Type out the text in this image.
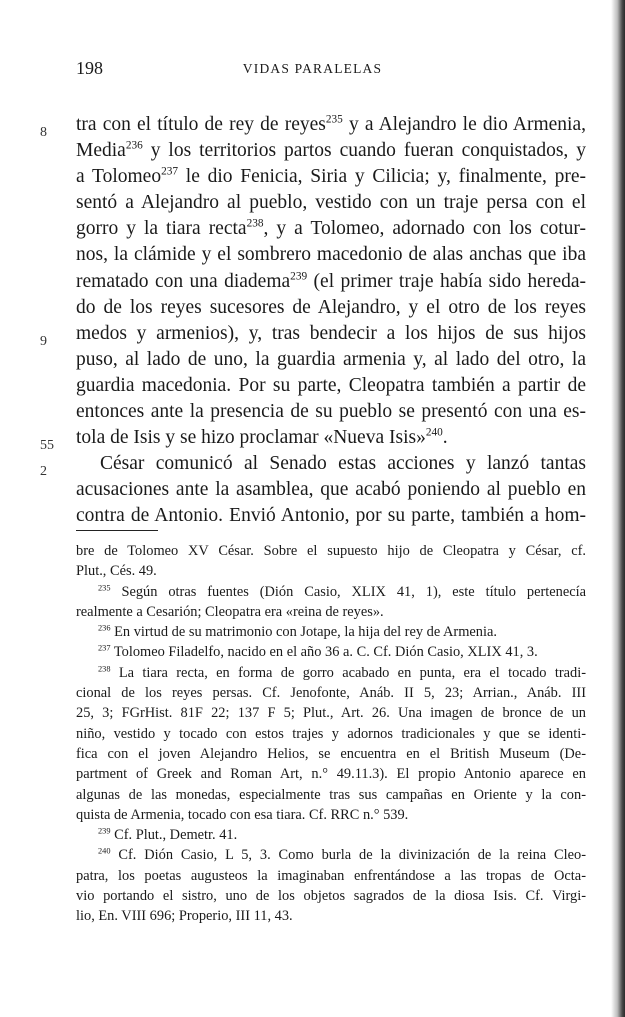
198	VIDAS PARALELAS
8
9
55
2
tra con el título de rey de reyes$^{235}$ y a Alejandro le dio Armenia,
Media$^{236}$ y los territorios partos cuando fueran conquistados, y
a Tolomeo$^{237}$ le dio Fenicia, Siria y Cilicia; y, finalmente, pre-
sentó a Alejandro al pueblo, vestido con un traje persa con el
gorro y la tiara recta$^{238}$, y a Tolomeo, adornado con los cotur-
nos, la clámide y el sombrero macedonio de alas anchas que iba
rematado con una diadema$^{239}$ (el primer traje había sido hereda-
do de los reyes sucesores de Alejandro, y el otro de los reyes
medos y armenios), y, tras bendecir a los hijos de sus hijos
puso, al lado de uno, la guardia armenia y, al lado del otro, la
guardia macedonia. Por su parte, Cleopatra también a partir de
entonces ante la presencia de su pueblo se presentó con una es-
tola de Isis y se hizo proclamar «Nueva Isis»$^{240}$.
César comunicó al Senado estas acciones y lanzó tantas
acusaciones ante la asamblea, que acabó poniendo al pueblo en
contra de Antonio. Envió Antonio, por su parte, también a hom-
bre de Tolomeo XV César. Sobre el supuesto hijo de Cleopatra y César, cf.
Plut., Cés. 49.
$^{235}$ Según otras fuentes (Dión Casio, XLIX 41, 1), este título pertenecía
realmente a Cesarión; Cleopatra era «reina de reyes».
$^{236}$ En virtud de su matrimonio con Jotape, la hija del rey de Armenia.
$^{237}$ Tolomeo Filadelfo, nacido en el año 36 a. C. Cf. Dión Casio, XLIX 41, 3.
$^{238}$ La tiara recta, en forma de gorro acabado en punta, era el tocado tradi-
cional de los reyes persas. Cf. Jenofonte, Anáb. II 5, 23; Arrian., Anáb. III
25, 3; FGrHist. 81F 22; 137 F 5; Plut., Art. 26. Una imagen de bronce de un
niño, vestido y tocado con estos trajes y adornos tradicionales y que se identi-
fica con el joven Alejandro Helios, se encuentra en el British Museum (De-
partment of Greek and Roman Art, n.° 49.11.3). El propio Antonio aparece en
algunas de las monedas, especialmente tras sus campañas en Oriente y la con-
quista de Armenia, tocado con esa tiara. Cf. RRC n.° 539.
$^{239}$ Cf. Plut., Demetr. 41.
$^{240}$ Cf. Dión Casio, L 5, 3. Como burla de la divinización de la reina Cleo-
patra, los poetas augusteos la imaginaban enfrentándose a las tropas de Octa-
vio portando el sistro, uno de los objetos sagrados de la diosa Isis. Cf. Virgi-
lio, En. VIII 696; Properio, III 11, 43.
